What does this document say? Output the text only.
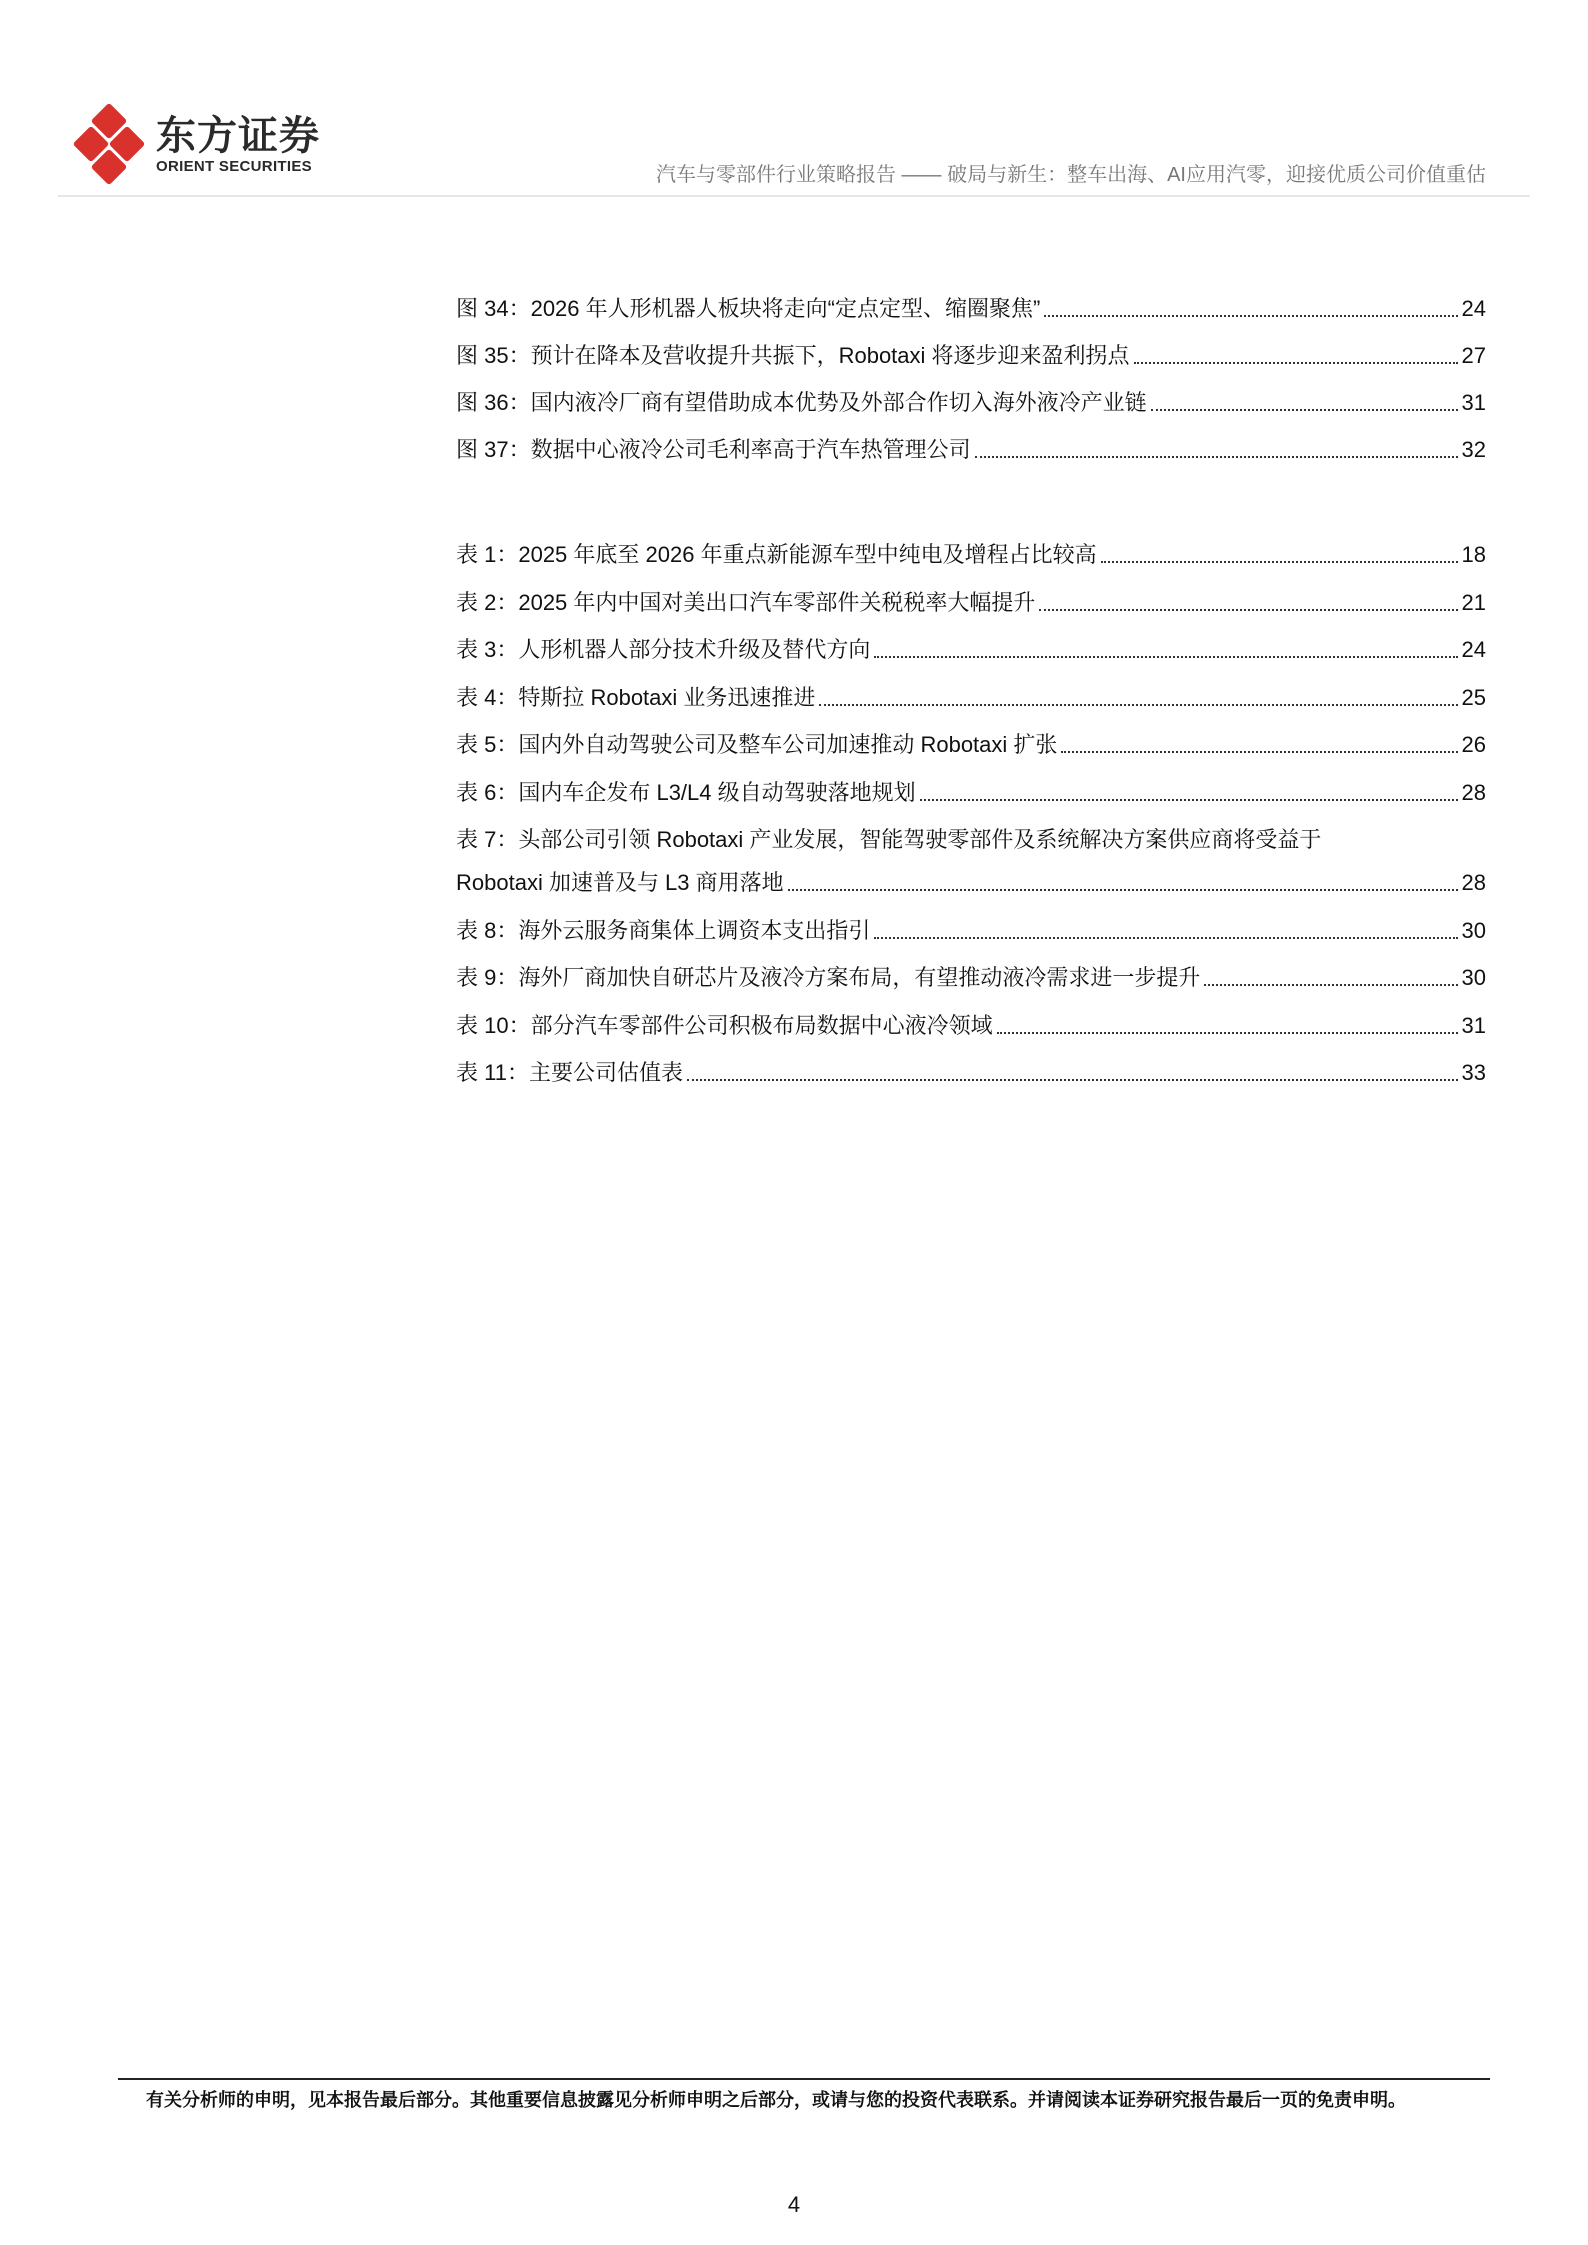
东方证券
ORIENT SECURITIES	汽车与零部件行业策略报告 —— 破局与新生：整车出海、AI应用汽零，迎接优质公司价值重估
图 34：2026 年人形机器人板块将走向“定点定型、缩圈聚焦”	24
图 35：预计在降本及营收提升共振下，Robotaxi 将逐步迎来盈利拐点	27
图 36：国内液冷厂商有望借助成本优势及外部合作切入海外液冷产业链	31
图 37：数据中心液冷公司毛利率高于汽车热管理公司	32
表 1：2025 年底至 2026 年重点新能源车型中纯电及增程占比较高	18
表 2：2025 年内中国对美出口汽车零部件关税税率大幅提升	21
表 3：人形机器人部分技术升级及替代方向	24
表 4：特斯拉 Robotaxi 业务迅速推进	25
表 5：国内外自动驾驶公司及整车公司加速推动 Robotaxi 扩张	26
表 6：国内车企发布 L3/L4 级自动驾驶落地规划	28
表 7：头部公司引领 Robotaxi 产业发展，智能驾驶零部件及系统解决方案供应商将受益于
Robotaxi 加速普及与 L3 商用落地	28
表 8：海外云服务商集体上调资本支出指引	30
表 9：海外厂商加快自研芯片及液冷方案布局，有望推动液冷需求进一步提升	30
表 10：部分汽车零部件公司积极布局数据中心液冷领域	31
表 11：主要公司估值表	33
有关分析师的申明，见本报告最后部分。其他重要信息披露见分析师申明之后部分，或请与您的投资代表联系。并请阅读本证券研究报告最后一页的免责申明。
4
